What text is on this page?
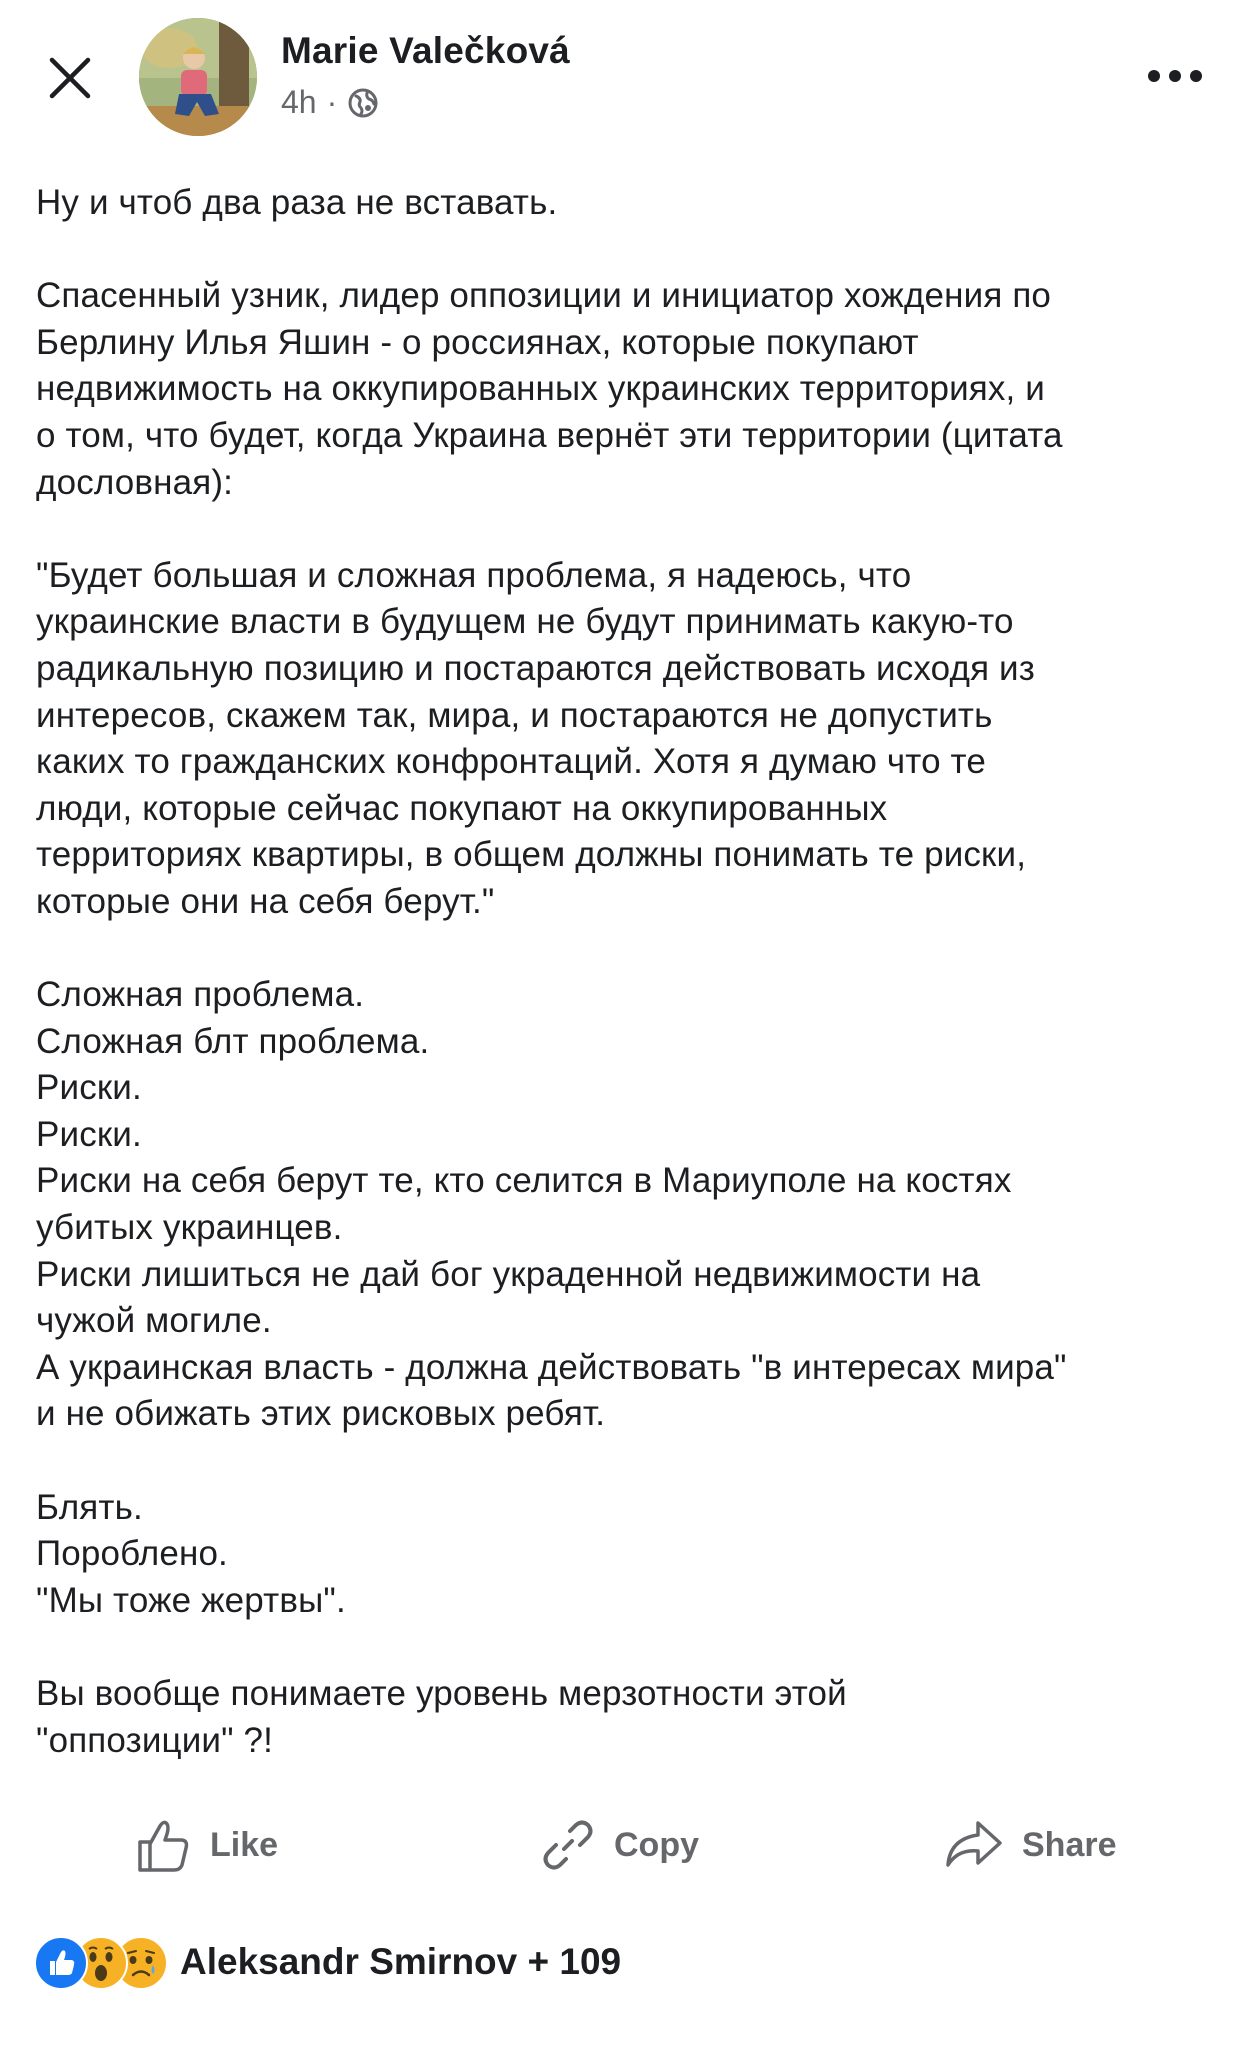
Marie Valečková
4h ·

Ну и чтоб два раза не вставать.

Спасенный узник, лидер оппозиции и инициатор хождения по
Берлину Илья Яшин - о россиянах, которые покупают
недвижимость на оккупированных украинских территориях, и
о том, что будет, когда Украина вернёт эти территории (цитата
дословная):

"Будет большая и сложная проблема, я надеюсь, что
украинские власти в будущем не будут принимать какую-то
радикальную позицию и постараются действовать исходя из
интересов, скажем так, мира, и постараются не допустить
каких то гражданских конфронтаций. Хотя я думаю что те
люди, которые сейчас покупают на оккупированных
территориях квартиры, в общем должны понимать те риски,
которые они на себя берут."

Сложная проблема.
Сложная блт проблема.
Риски.
Риски.
Риски на себя берут те, кто селится в Мариуполе на костях
убитых украинцев.
Риски лишиться не дай бог украденной недвижимости на
чужой могиле.
А украинская власть - должна действовать "в интересах мира"
и не обижать этих рисковых ребят.

Блять.
Пороблено.
"Мы тоже жертвы".

Вы вообще понимаете уровень мерзотности этой
"оппозиции" ?!

Like	Copy	Share
Aleksandr Smirnov + 109
